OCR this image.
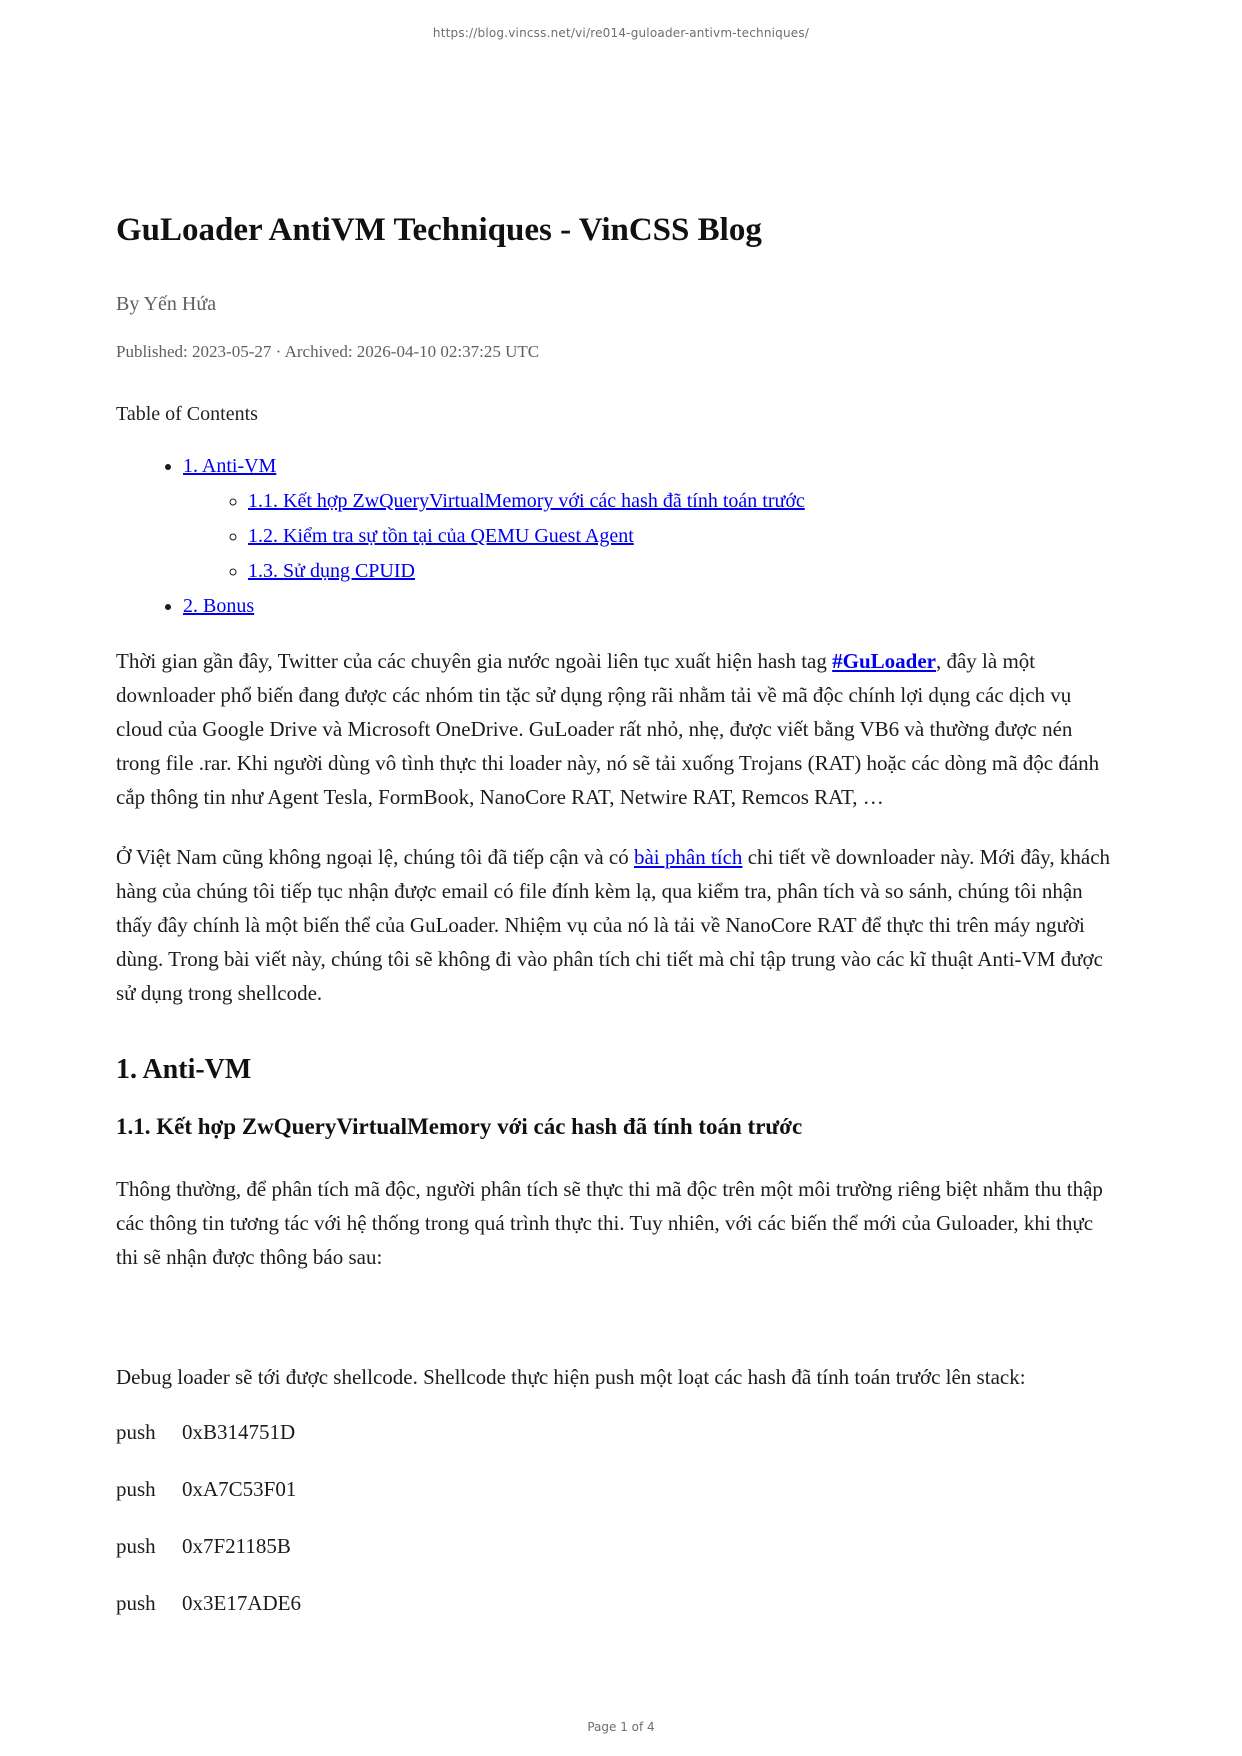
https://blog.vincss.net/vi/re014-guloader-antivm-techniques/
GuLoader AntiVM Techniques - VinCSS Blog

By Yến Hứa

Published: 2023-05-27 · Archived: 2026-04-10 02:37:25 UTC

Table of Contents

• 1. Anti-VM
◦ 1.1. Kết hợp ZwQueryVirtualMemory với các hash đã tính toán trước
◦ 1.2. Kiểm tra sự tồn tại của QEMU Guest Agent
◦ 1.3. Sử dụng CPUID
• 2. Bonus

Thời gian gần đây, Twitter của các chuyên gia nước ngoài liên tục xuất hiện hash tag #GuLoader, đây là một downloader phổ biến đang được các nhóm tin tặc sử dụng rộng rãi nhằm tải về mã độc chính lợi dụng các dịch vụ cloud của Google Drive và Microsoft OneDrive. GuLoader rất nhỏ, nhẹ, được viết bằng VB6 và thường được nén trong file .rar. Khi người dùng vô tình thực thi loader này, nó sẽ tải xuống Trojans (RAT) hoặc các dòng mã độc đánh cắp thông tin như Agent Tesla, FormBook, NanoCore RAT, Netwire RAT, Remcos RAT, …

Ở Việt Nam cũng không ngoại lệ, chúng tôi đã tiếp cận và có bài phân tích chi tiết về downloader này. Mới đây, khách hàng của chúng tôi tiếp tục nhận được email có file đính kèm lạ, qua kiểm tra, phân tích và so sánh, chúng tôi nhận thấy đây chính là một biến thể của GuLoader. Nhiệm vụ của nó là tải về NanoCore RAT để thực thi trên máy người dùng. Trong bài viết này, chúng tôi sẽ không đi vào phân tích chi tiết mà chỉ tập trung vào các kĩ thuật Anti-VM được sử dụng trong shellcode.

1. Anti-VM
1.1. Kết hợp ZwQueryVirtualMemory với các hash đã tính toán trước

Thông thường, để phân tích mã độc, người phân tích sẽ thực thi mã độc trên một môi trường riêng biệt nhằm thu thập các thông tin tương tác với hệ thống trong quá trình thực thi. Tuy nhiên, với các biến thể mới của Guloader, khi thực thi sẽ nhận được thông báo sau:

Debug loader sẽ tới được shellcode. Shellcode thực hiện push một loạt các hash đã tính toán trước lên stack:

push 0xB314751D
push 0xA7C53F01
push 0x7F21185B
push 0x3E17ADE6
Page 1 of 4
